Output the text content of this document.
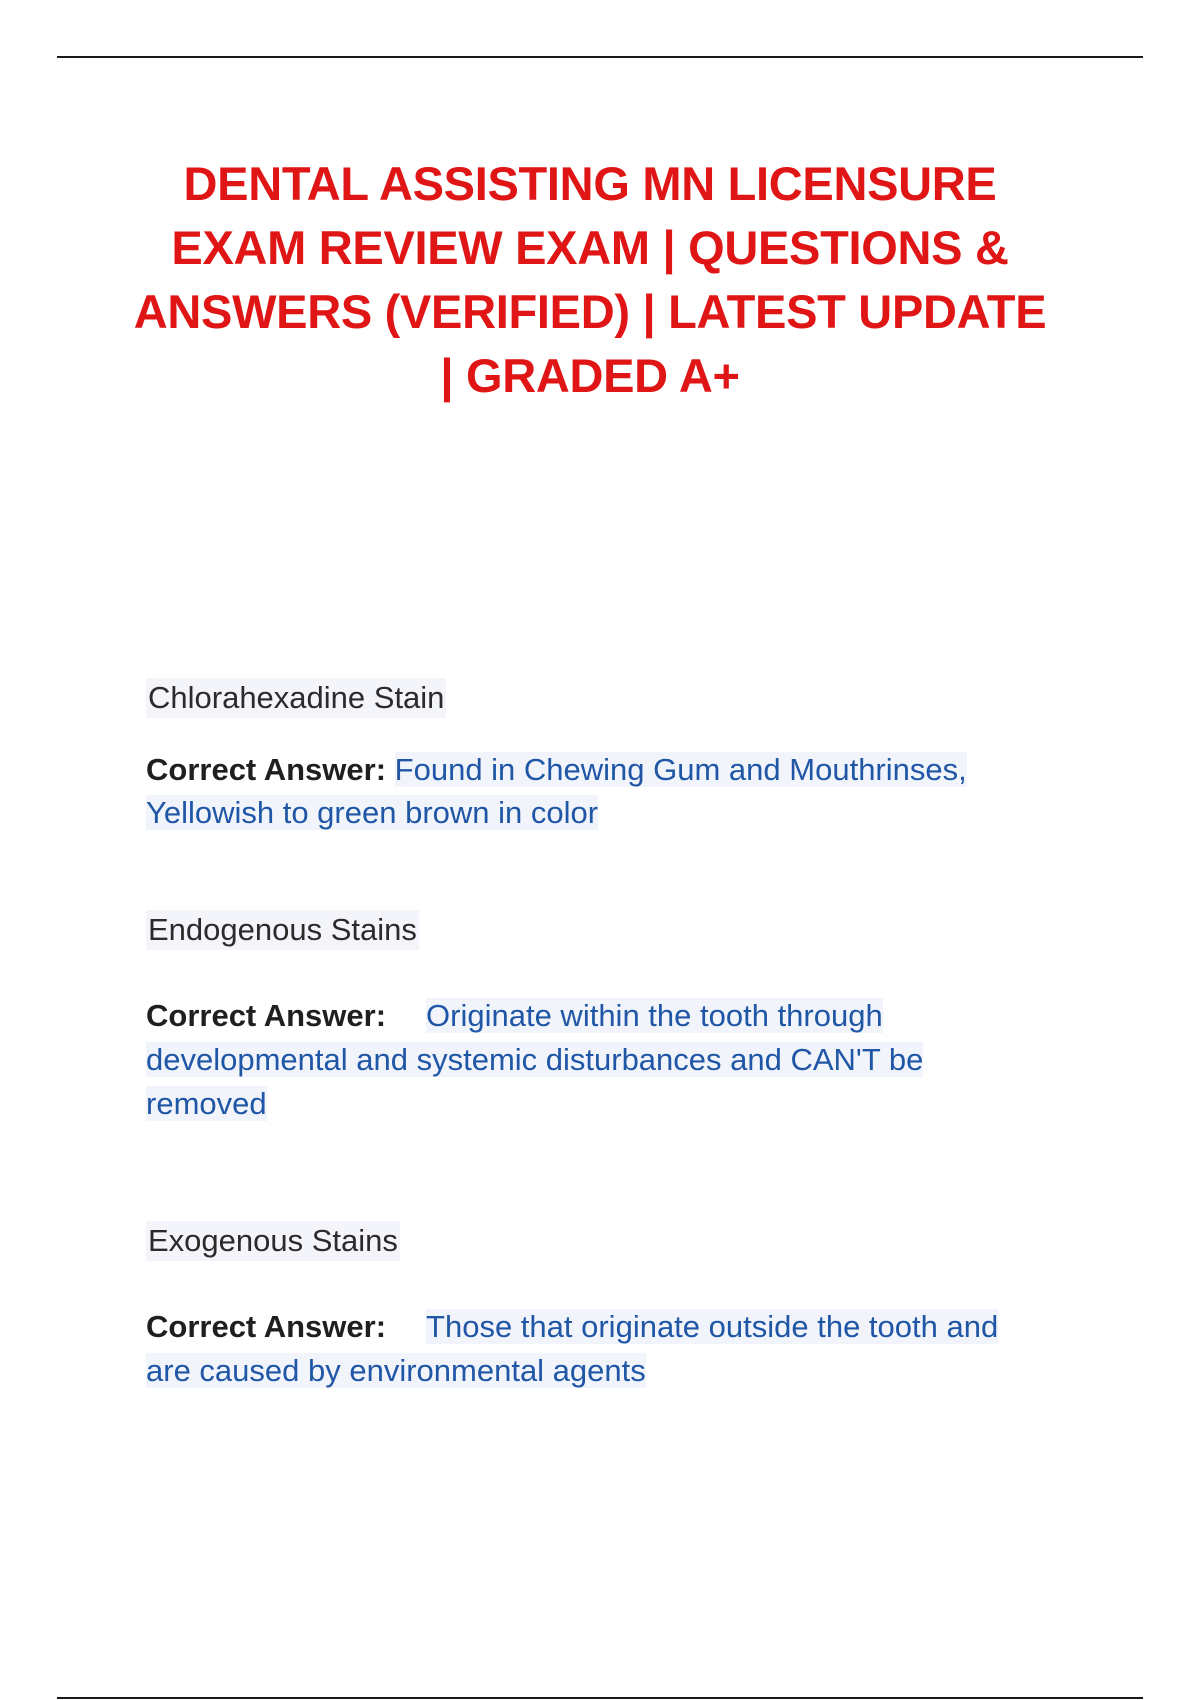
DENTAL ASSISTING MN LICENSURE EXAM REVIEW EXAM | QUESTIONS & ANSWERS (VERIFIED) | LATEST UPDATE | GRADED A+

Chlorahexadine Stain

Correct Answer: Found in Chewing Gum and Mouthrinses, Yellowish to green brown in color

Endogenous Stains

Correct Answer: Originate within the tooth through developmental and systemic disturbances and CAN'T be removed

Exogenous Stains

Correct Answer: Those that originate outside the tooth and are caused by environmental agents
